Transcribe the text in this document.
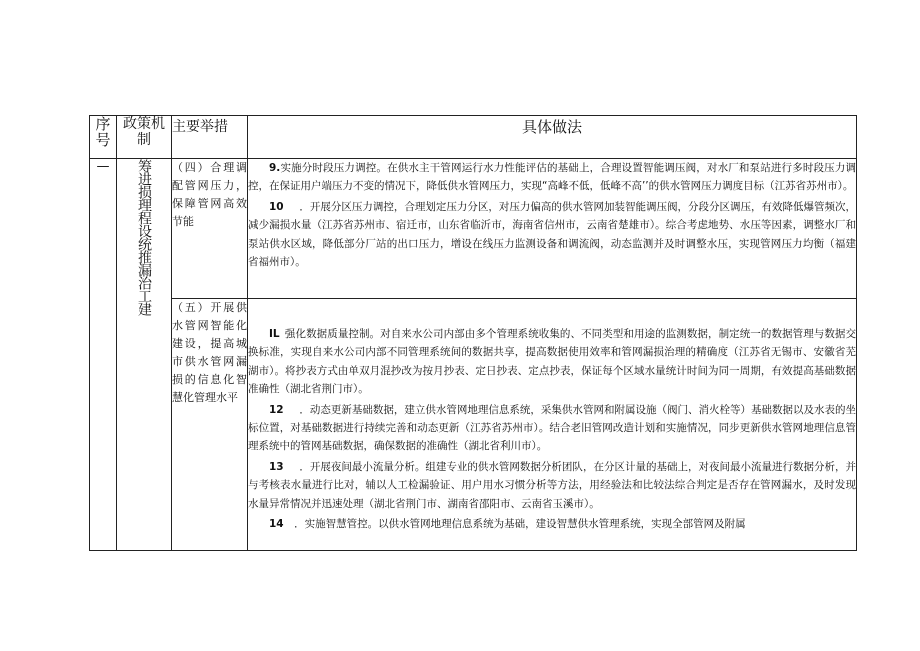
序号	政策机制	主要举措	具体做法
—	筹进损理程设统推漏治工建	（四）合理调配管网压力，保障管网高效节能	9.实施分时段压力调控。在供水主干管网运行水力性能评估的基础上，合理设置智能调压阀，对水厂和泵站进行多时段压力调控，在保证用户端压力不变的情况下，降低供水管网压力，实现“高峰不低，低峰不高’’的供水管网压力调度目标（江苏省苏州市）。

10   ．开展分区压力调控，合理划定压力分区，对压力偏高的供水管网加装智能调压阀，分段分区调压，有效降低爆管频次，减少漏损水量（江苏省苏州市、宿迁市，山东省临沂市，海南省信州市，云南省楚雄市）。综合考虑地势、水压等因素，调整水厂和泵站供水区域，降低部分厂站的出口压力，增设在线压力监测设备和调流阀，动态监测并及时调整水压，实现管网压力均衡（福建省福州市）。

		（五）开展供水管网智能化建设，提高城市供水管网漏损的信息化智慧化管理水平	IL  强化数据质量控制。对自来水公司内部由多个管理系统收集的、不同类型和用途的监测数据，制定统一的数据管理与数据交换标准，实现自来水公司内部不同管理系统间的数据共享，提高数据使用效率和管网漏损治理的精确度（江苏省无锡市、安徽省芜湖市）。将抄表方式由单双月混抄改为按月抄表、定日抄表、定点抄表，保证每个区域水量统计时间为同一周期，有效提高基础数据准确性（湖北省荆门市）。

12   ．动态更新基础数据，建立供水管网地理信息系统，采集供水管网和附属设施（阀门、消火栓等）基础数据以及水表的坐标位置，对基础数据进行持续完善和动态更新（江苏省苏州市）。结合老旧管网改造计划和实施情况，同步更新供水管网地理信息管理系统中的管网基础数据，确保数据的准确性（湖北省利川市）。

13   ．开展夜间最小流量分析。组建专业的供水管网数据分析团队，在分区计量的基础上，对夜间最小流量进行数据分析，并与考核表水量进行比对，辅以人工检漏验证、用户用水习惯分析等方法，用经验法和比较法综合判定是否存在管网漏水，及时发现水量异常情况并迅速处理（湖北省荆门市、湖南省邵阳市、云南省玉溪市）。

14  ．实施智慧管控。以供水管网地理信息系统为基础，建设智慧供水管理系统，实现全部管网及附属
